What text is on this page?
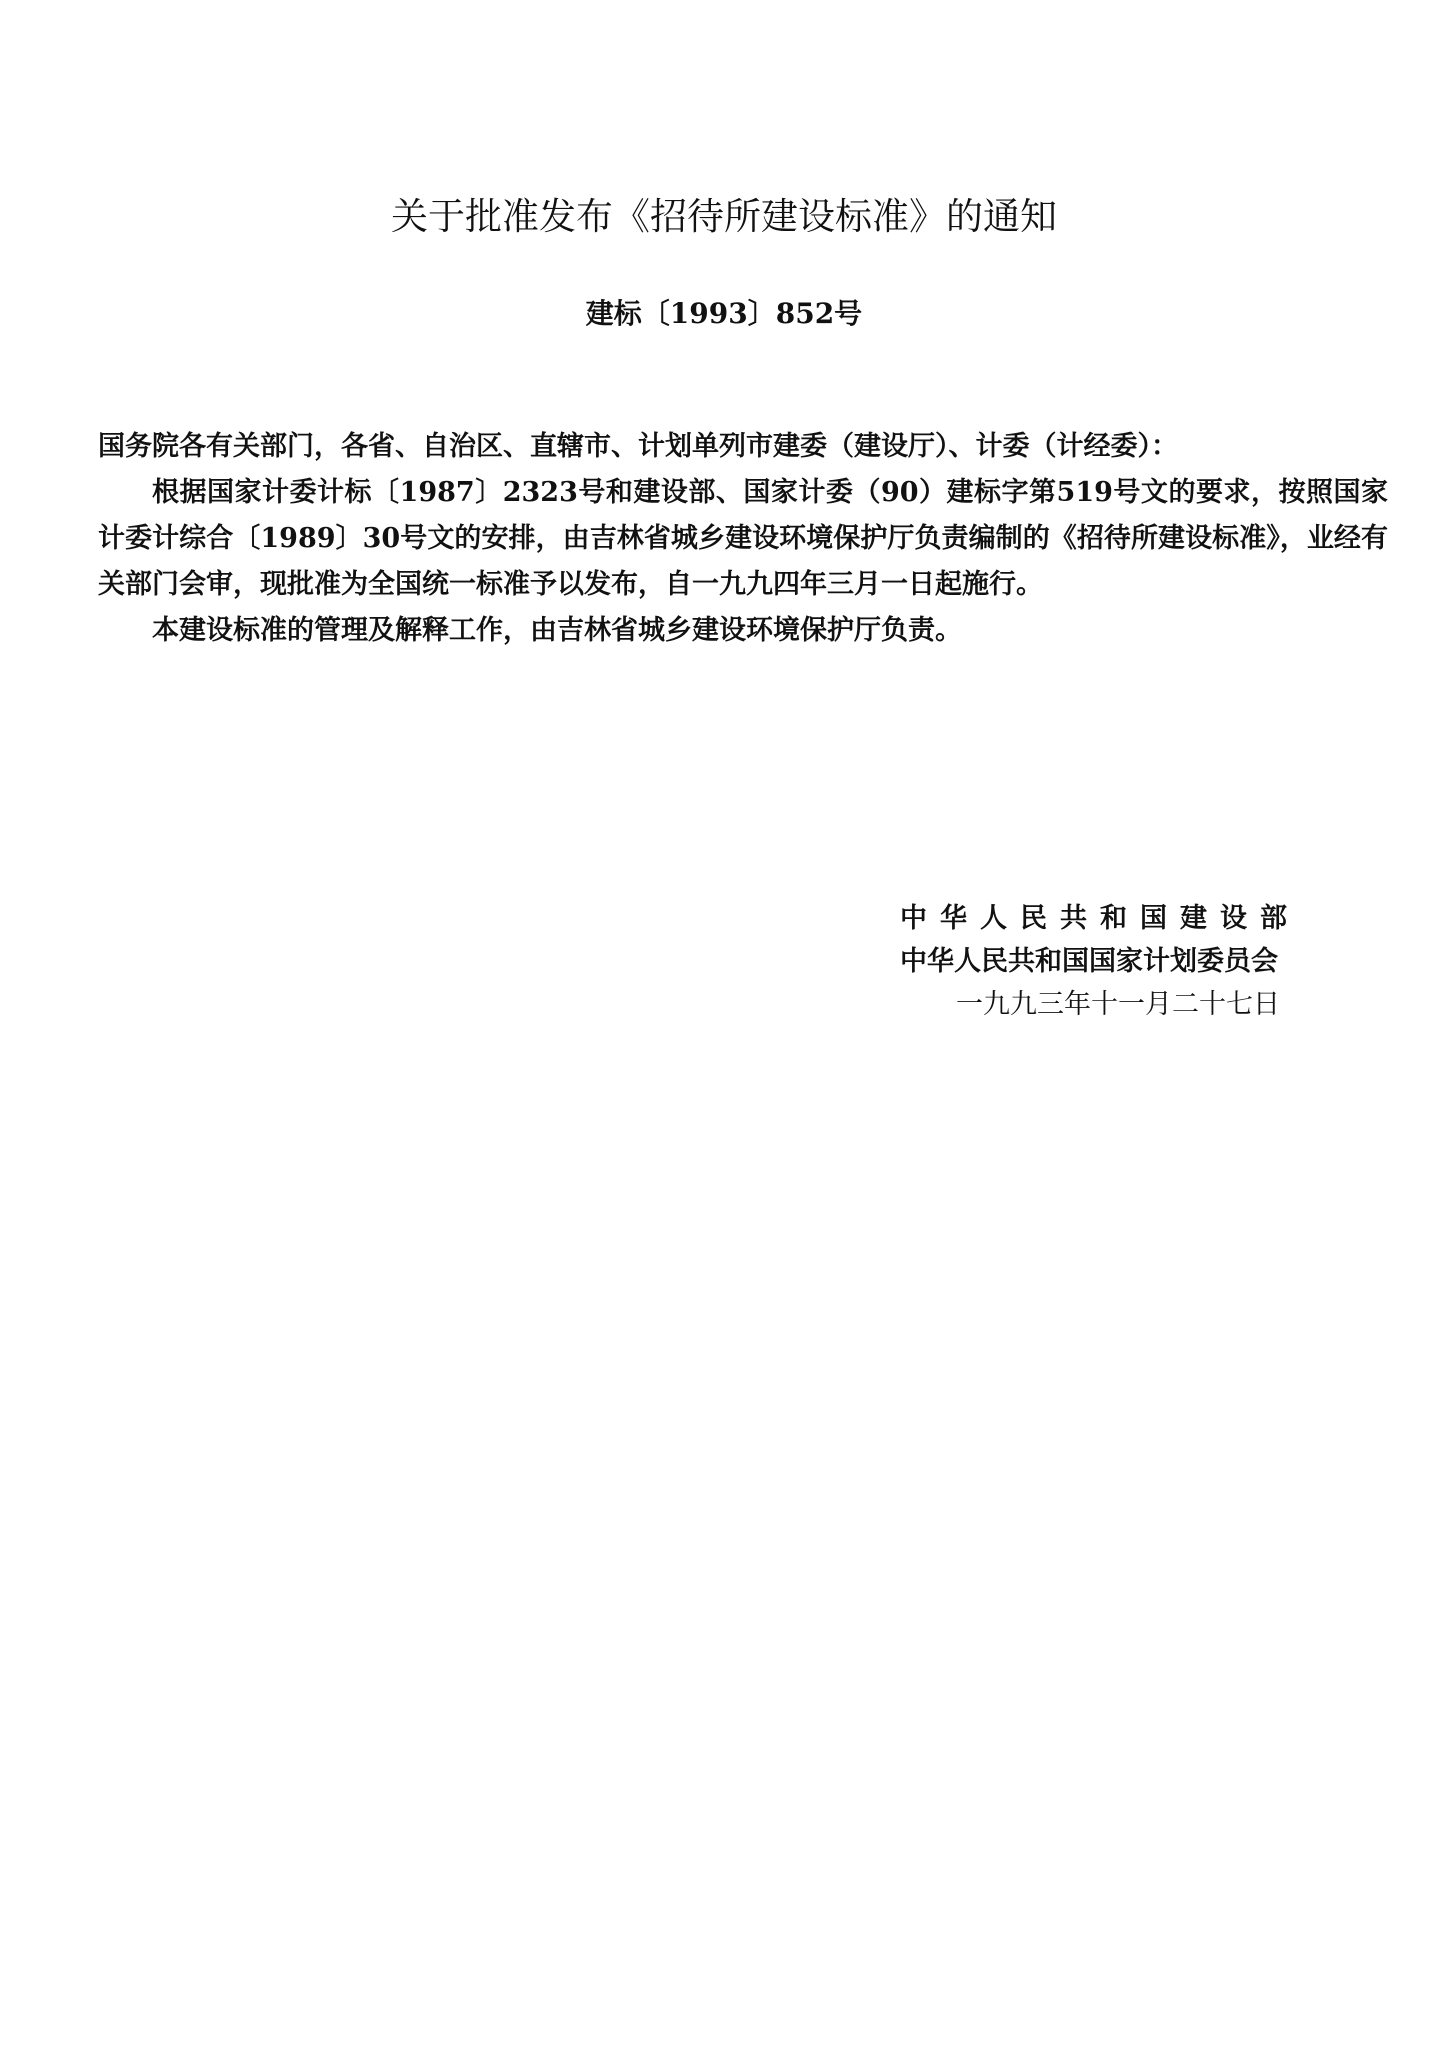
关于批准发布《招待所建设标准》的通知
建标〔1993〕852号

国务院各有关部门，各省、自治区、直辖市、计划单列市建委（建设厅）、计委（计经委）：

根据国家计委计标〔1987〕2323号和建设部、国家计委（90）建标字第519号文的要求，按照国家计委计综合〔1989〕30号文的安排，由吉林省城乡建设环境保护厅负责编制的《招待所建设标准》，业经有关部门会审，现批准为全国统一标准予以发布，自一九九四年三月一日起施行。

本建设标准的管理及解释工作，由吉林省城乡建设环境保护厅负责。

中华人民共和国建设部
中华人民共和国国家计划委员会
一九九三年十一月二十七日
